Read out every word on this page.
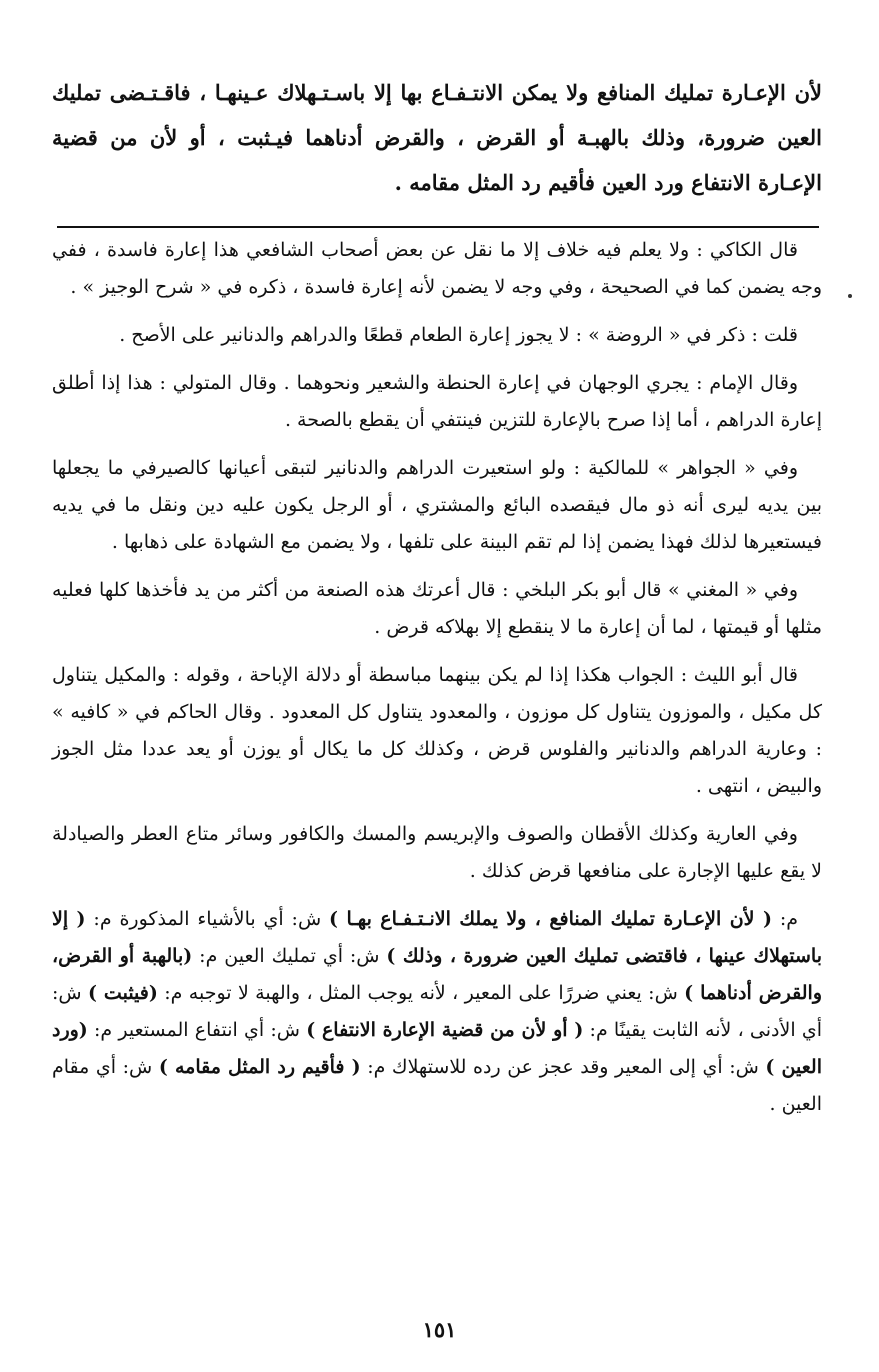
لأن الإعـارة تمليك المنافع ولا يمكن الانتـفـاع بها إلا باسـتـهلاك عـينهـا ، فاقـتـضى تمليك العين ضرورة، وذلك بالهبـة أو القرض ، والقرض أدناهما فيـثبت ، أو لأن من قضية الإعـارة الانتفاع ورد العين فأقيم رد المثل مقامه .

قال الكاكي : ولا يعلم فيه خلاف إلا ما نقل عن بعض أصحاب الشافعي هذا إعارة فاسدة ، ففي وجه يضمن كما في الصحيحة ، وفي وجه لا يضمن لأنه إعارة فاسدة ، ذكره في « شرح الوجيز » .

قلت : ذكر في « الروضة » : لا يجوز إعارة الطعام قطعًا والدراهم والدنانير على الأصح .

وقال الإمام : يجري الوجهان في إعارة الحنطة والشعير ونحوهما . وقال المتولي : هذا إذا أطلق إعارة الدراهم ، أما إذا صرح بالإعارة للتزين فينتفي أن يقطع بالصحة .

وفي « الجواهر » للمالكية : ولو استعيرت الدراهم والدنانير لتبقى أعيانها كالصيرفي ما يجعلها بين يديه ليرى أنه ذو مال فيقصده البائع والمشتري ، أو الرجل يكون عليه دين ونقل ما في يديه فيستعيرها لذلك فهذا يضمن إذا لم تقم البينة على تلفها ، ولا يضمن مع الشهادة على ذهابها .

وفي « المغني » قال أبو بكر البلخي : قال أعرتك هذه الصنعة من أكثر من يد فأخذها كلها فعليه مثلها أو قيمتها ، لما أن إعارة ما لا ينقطع إلا بهلاكه قرض .

قال أبو الليث : الجواب هكذا إذا لم يكن بينهما مباسطة أو دلالة الإباحة ، وقوله : والمكيل يتناول كل مكيل ، والموزون يتناول كل موزون ، والمعدود يتناول كل المعدود . وقال الحاكم في « كافيه » : وعارية الدراهم والدنانير والفلوس قرض ، وكذلك كل ما يكال أو يوزن أو يعد عددا مثل الجوز والبيض ، انتهى .

وفي العارية وكذلك الأقطان والصوف والإبريسم والمسك والكافور وسائر متاع العطر والصيادلة لا يقع عليها الإجارة على منافعها قرض كذلك .

م: ( لأن الإعـارة تمليك المنافع ، ولا يملك الانـتـفـاع بهـا ) ش: أي بالأشياء المذكورة م: ( إلا باستهلاك عينها ، فاقتضى تمليك العين ضرورة ، وذلك ) ش: أي تمليك العين م: (بالهبة أو القرض، والقرض أدناهما ) ش: يعني ضررًا على المعير ، لأنه يوجب المثل ، والهبة لا توجبه م: (فيثبت ) ش: أي الأدنى ، لأنه الثابت يقينًا م: ( أو لأن من قضية الإعارة الانتفاع ) ش: أي انتفاع المستعير م: (ورد العين ) ش: أي إلى المعير وقد عجز عن رده للاستهلاك م: ( فأقيم رد المثل مقامه ) ش: أي مقام العين .

١٥١
